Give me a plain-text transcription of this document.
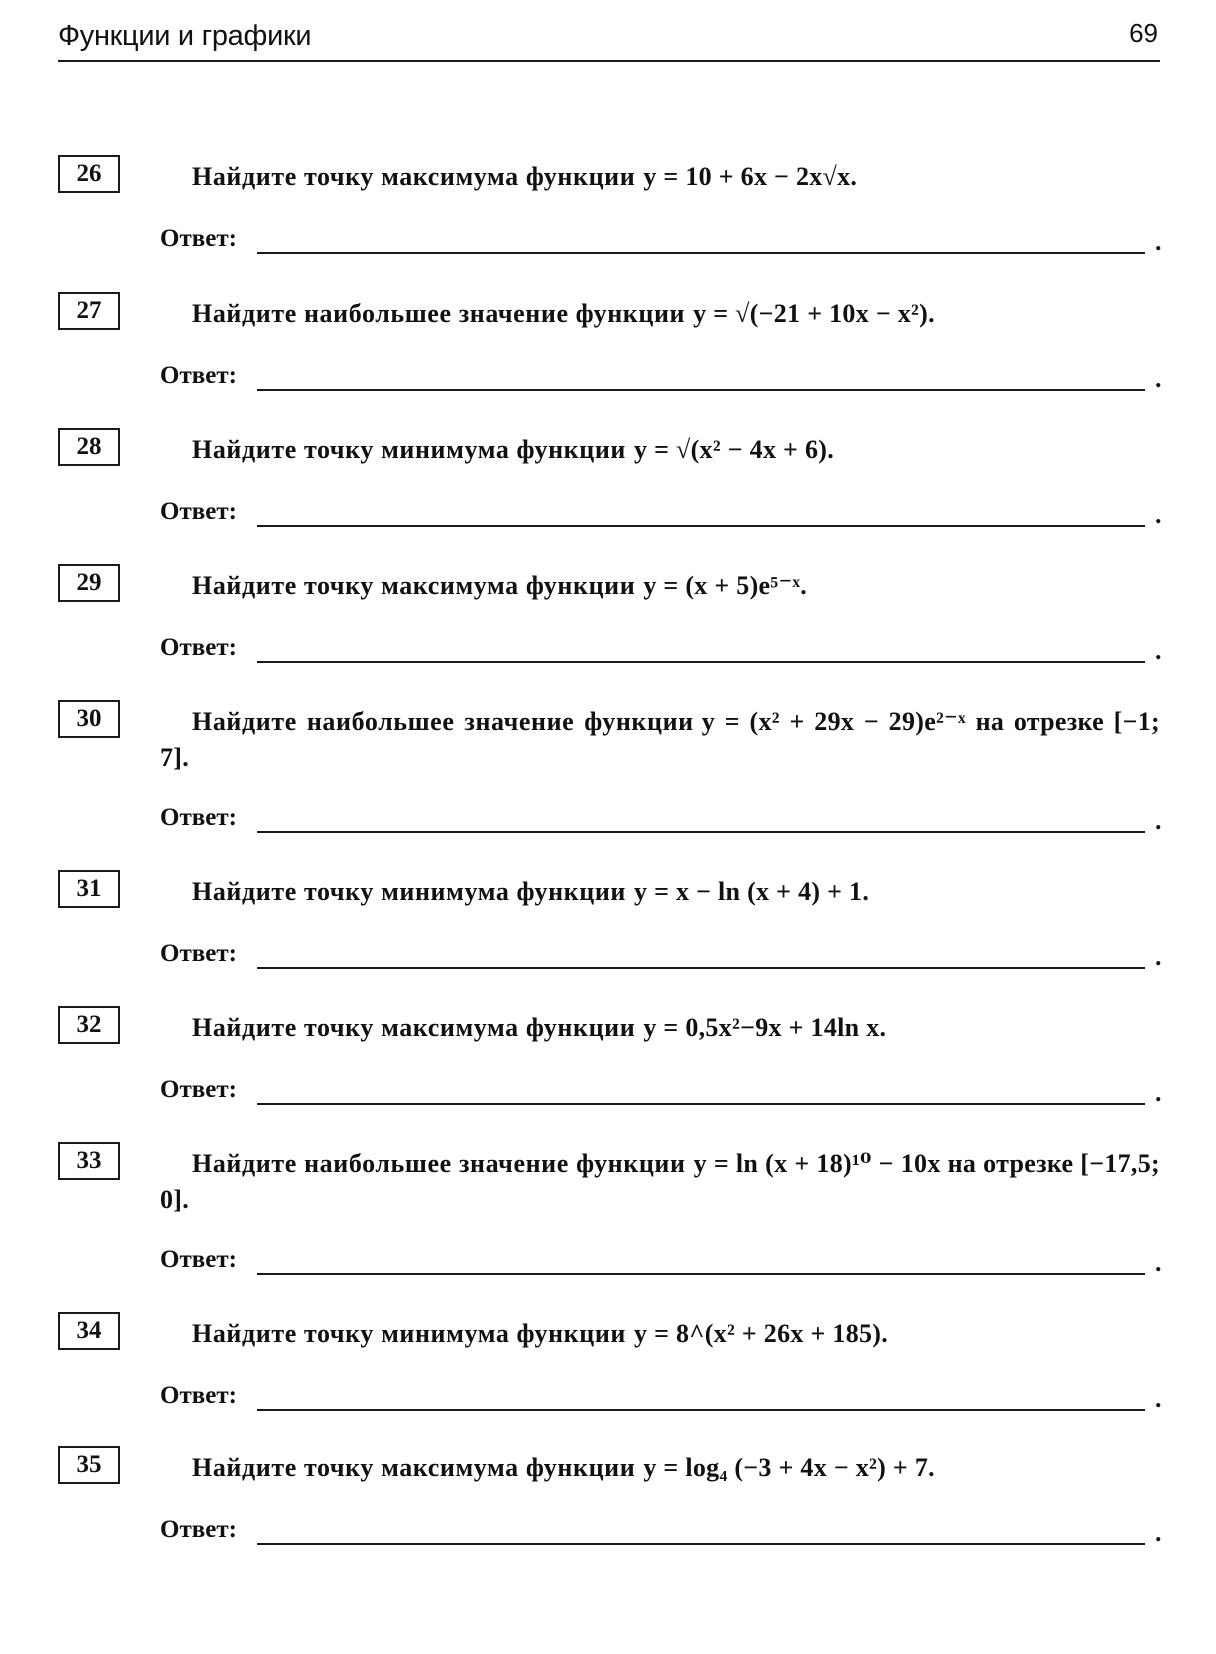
Функции и графики	69
26	Найдите точку максимума функции y = 10 + 6x − 2x√x.
Ответ:	.
27	Найдите наибольшее значение функции y = √(−21 + 10x − x²).
Ответ:	.
28	Найдите точку минимума функции y = √(x² − 4x + 6).
Ответ:	.
29	Найдите точку максимума функции y = (x + 5)e⁵⁻ˣ.
Ответ:	.
30	Найдите наибольшее значение функции y = (x² + 29x − 29)e²⁻ˣ на отрезке [−1; 7].
Ответ:	.
31	Найдите точку минимума функции y = x − ln (x + 4) + 1.
Ответ:	.
32	Найдите точку максимума функции y = 0,5x²−9x + 14ln x.
Ответ:	.
33	Найдите наибольшее значение функции y = ln (x + 18)¹⁰ − 10x на отрезке [−17,5; 0].
Ответ:	.
34	Найдите точку минимума функции y = 8^(x² + 26x + 185).
Ответ:	.
35	Найдите точку максимума функции y = log₄ (−3 + 4x − x²) + 7.
Ответ:	.
